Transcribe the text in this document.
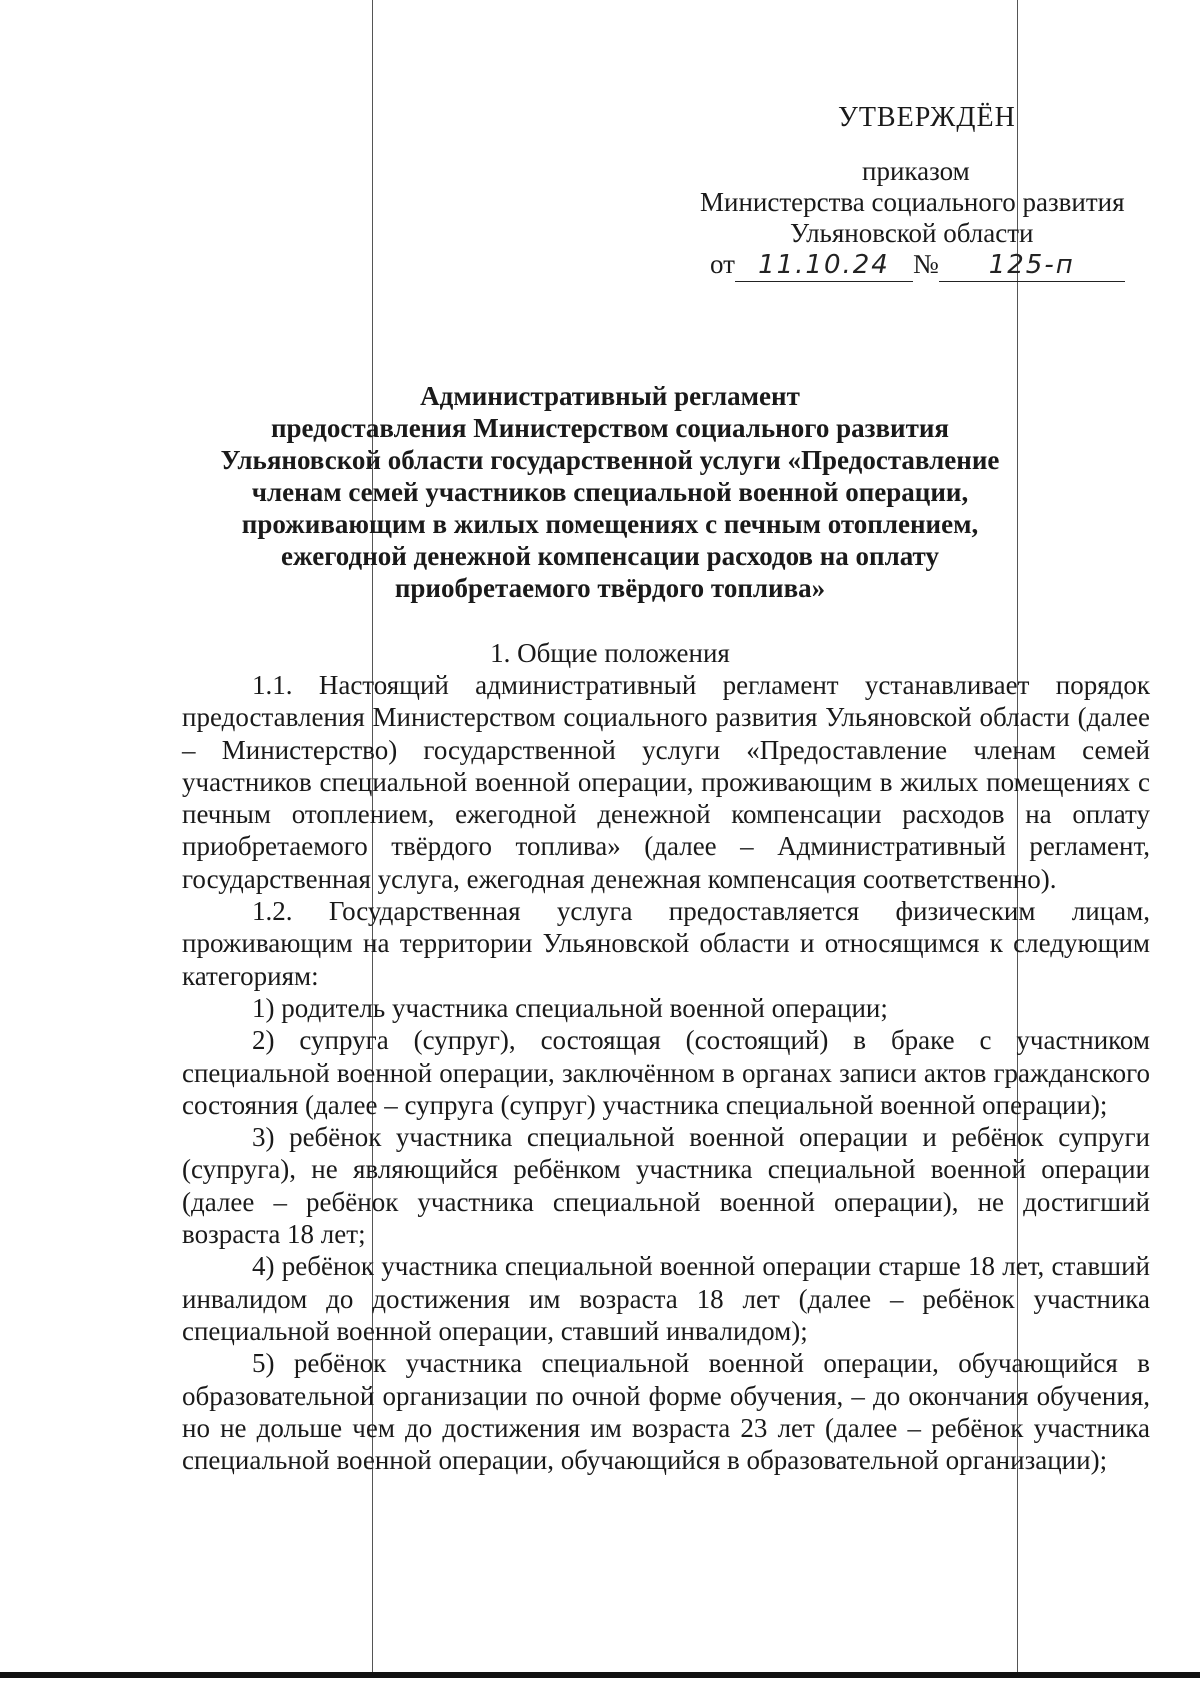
УТВЕРЖДЁН
приказом
Министерства социального развития
Ульяновской области
от 11.10.24 № 125-п
Административный регламент
предоставления Министерством социального развития
Ульяновской области государственной услуги «Предоставление
членам семей участников специальной военной операции,
проживающим в жилых помещениях с печным отоплением,
ежегодной денежной компенсации расходов на оплату
приобретаемого твёрдого топлива»
1. Общие положения

1.1. Настоящий административный регламент устанавливает порядок предоставления Министерством социального развития Ульяновской области (далее – Министерство) государственной услуги «Предоставление членам семей участников специальной военной операции, проживающим в жилых помещениях с печным отоплением, ежегодной денежной компенсации расходов на оплату приобретаемого твёрдого топлива» (далее – Административный регламент, государственная услуга, ежегодная денежная компенсация соответственно).

1.2. Государственная услуга предоставляется физическим лицам, проживающим на территории Ульяновской области и относящимся к следующим категориям:

1) родитель участника специальной военной операции;

2) супруга (супруг), состоящая (состоящий) в браке с участником специальной военной операции, заключённом в органах записи актов гражданского состояния (далее – супруга (супруг) участника специальной военной операции);

3) ребёнок участника специальной военной операции и ребёнок супруги (супруга), не являющийся ребёнком участника специальной военной операции (далее – ребёнок участника специальной военной операции), не достигший возраста 18 лет;

4) ребёнок участника специальной военной операции старше 18 лет, ставший инвалидом до достижения им возраста 18 лет (далее – ребёнок участника специальной военной операции, ставший инвалидом);

5) ребёнок участника специальной военной операции, обучающийся в образовательной организации по очной форме обучения, – до окончания обучения, но не дольше чем до достижения им возраста 23 лет (далее – ребёнок участника специальной военной операции, обучающийся в образовательной организации);
